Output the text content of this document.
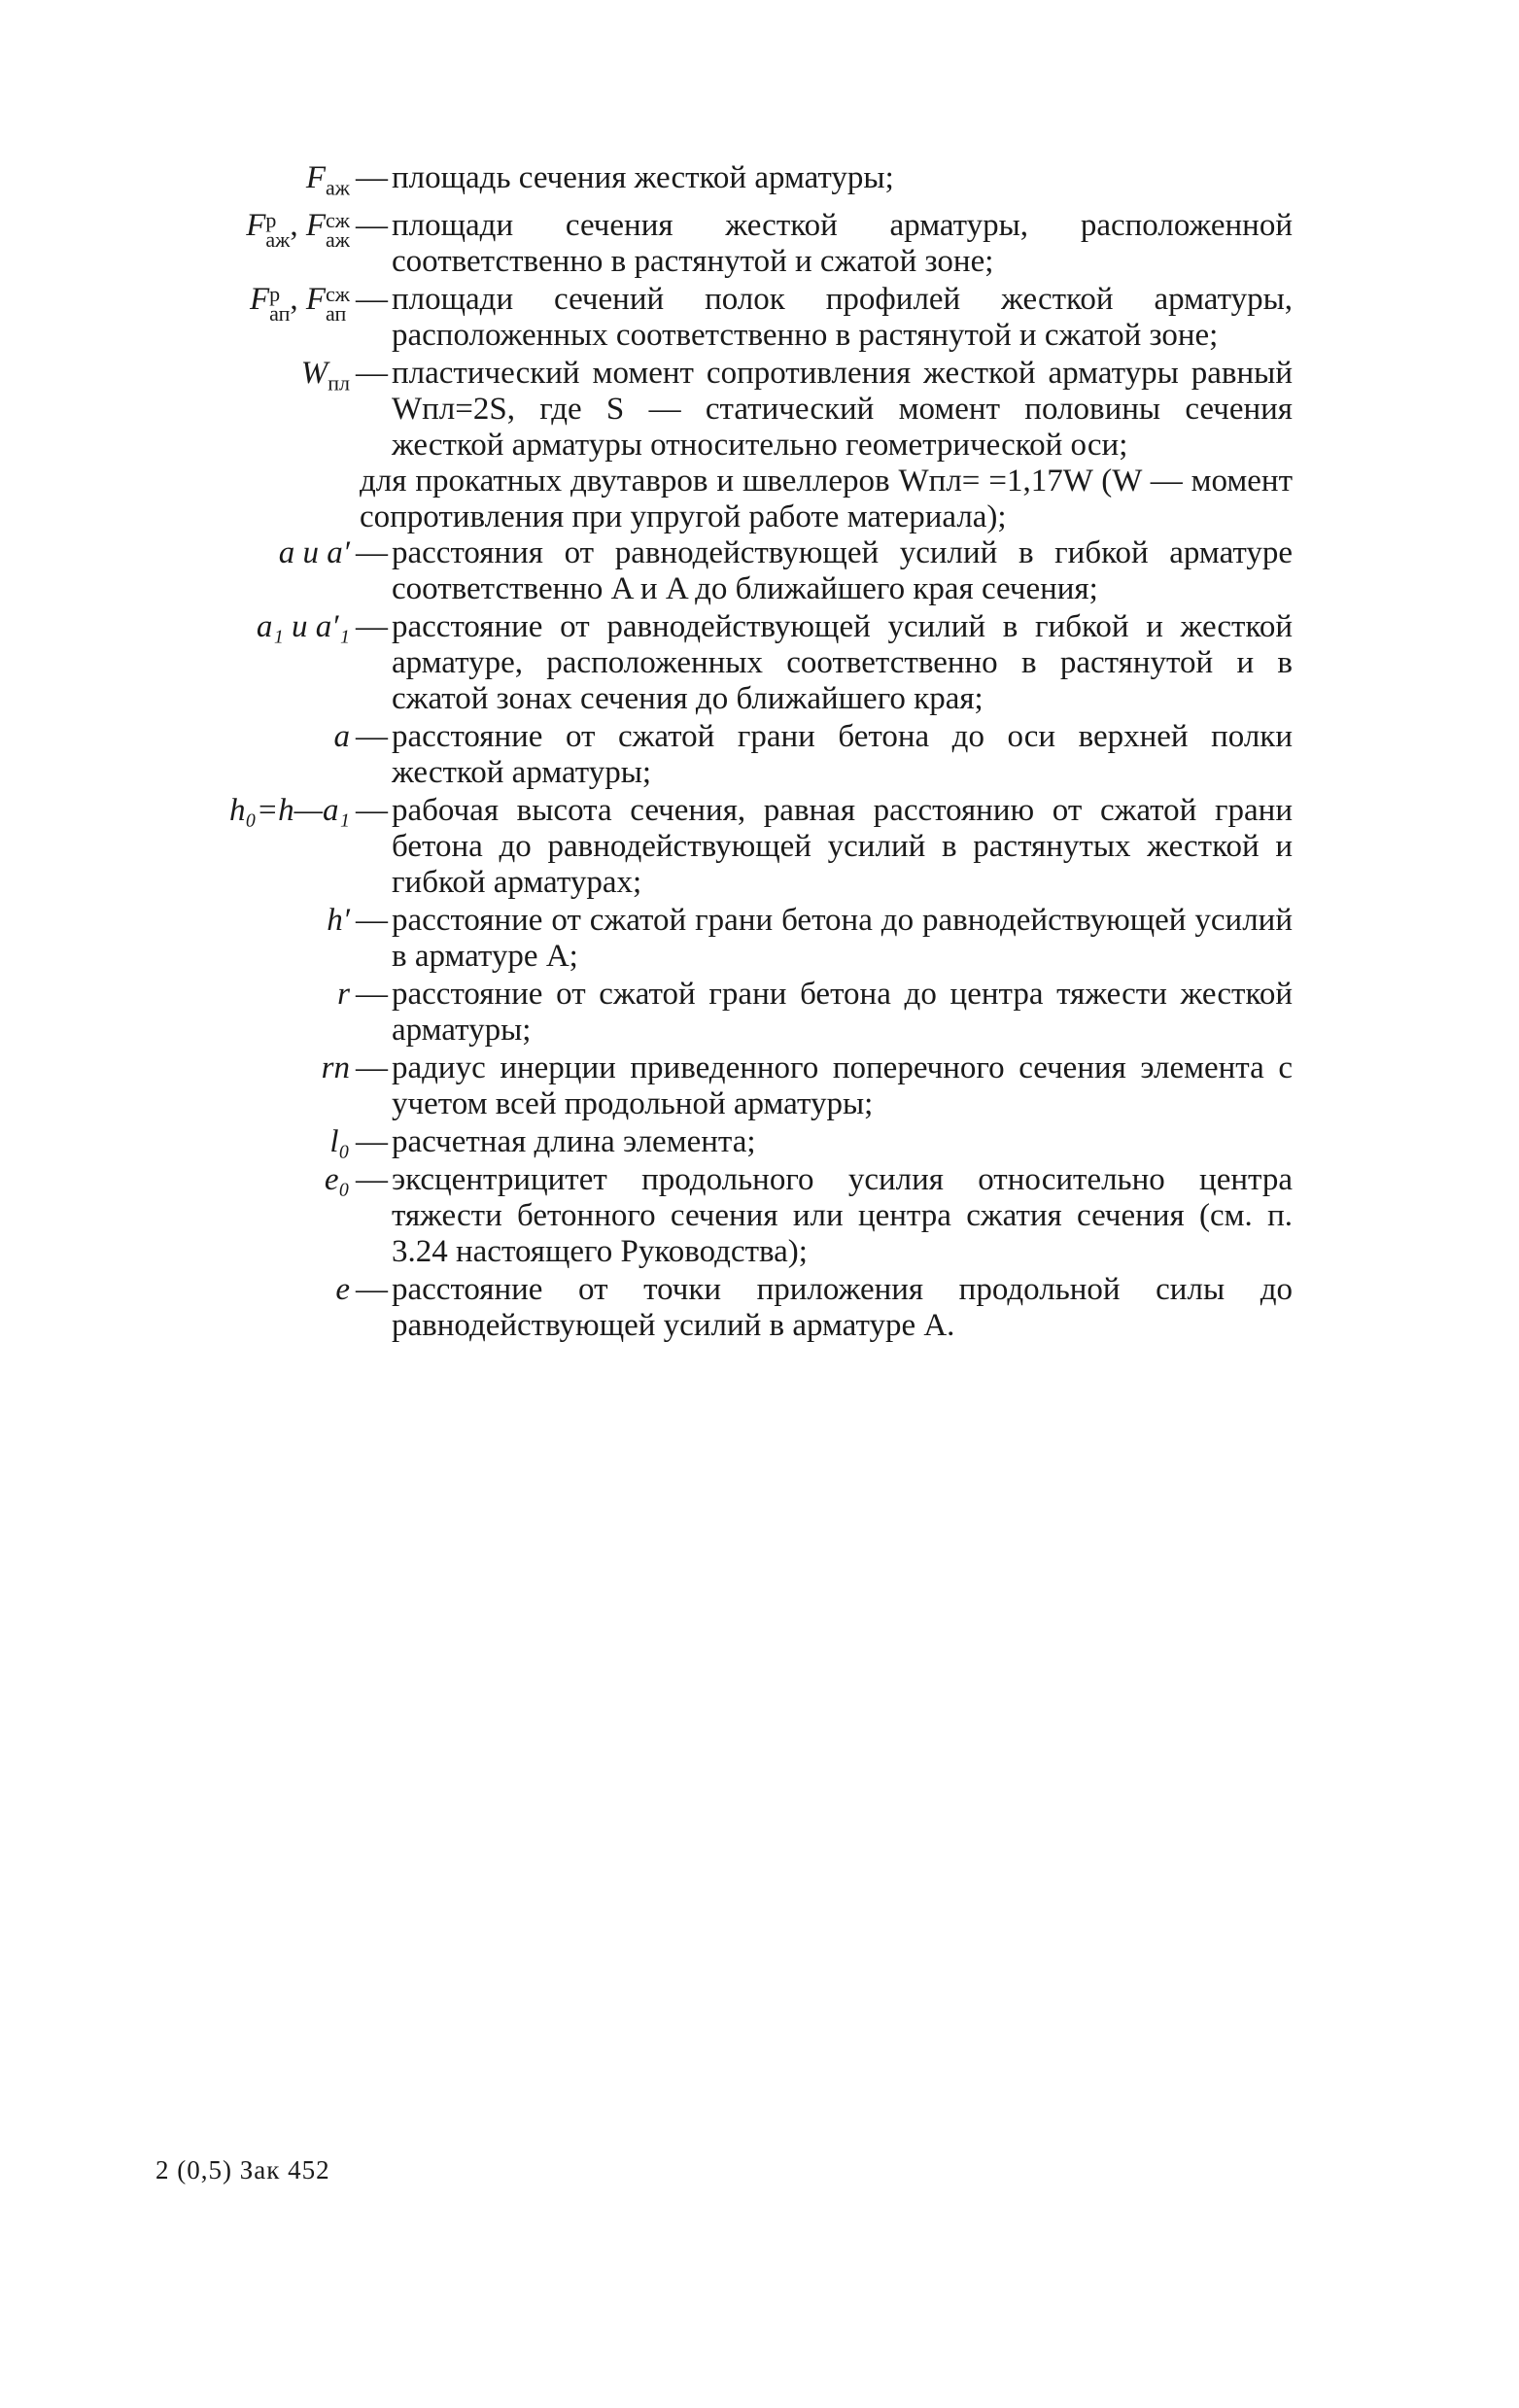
$F_{аж}$ — площадь сечения жесткой арматуры;
F р
аж , F сж
аж — площади сечения жесткой арматуры, расположенной соответственно в растянутой и сжатой зоне;
F р
ап , F сж
ап — площади сечений полок профилей жесткой арматуры, расположенных соответственно в растянутой и сжатой зоне;
$W_{пл}$ — пластический момент сопротивления жесткой арматуры равный Wпл=2S, где S — статический момент половины сечения жесткой арматуры относительно геометрической оси;
для прокатных двутавров и швеллеров Wпл= =1,17W (W — момент сопротивления при упругой работе материала);
a и a′ — расстояния от равнодействующей усилий в гибкой арматуре соответственно A и A до ближайшего края сечения;
a₁ и a′₁ — расстояние от равнодействующей усилий в гибкой и жесткой арматуре, расположенных соответственно в растянутой и в сжатой зонах сечения до ближайшего края;
a — расстояние от сжатой грани бетона до оси верхней полки жесткой арматуры;
h₀=h—a₁ — рабочая высота сечения, равная расстоянию от сжатой грани бетона до равнодействующей усилий в растянутых жесткой и гибкой арматурах;
h′ — расстояние от сжатой грани бетона до равнодействующей усилий в арматуре A;
r — расстояние от сжатой грани бетона до центра тяжести жесткой арматуры;
rп — радиус инерции приведенного поперечного сечения элемента с учетом всей продольной арматуры;
l₀ — расчетная длина элемента;
e₀ — эксцентрицитет продольного усилия относительно центра тяжести бетонного сечения или центра сжатия сечения (см. п. 3.24 настоящего Руководства);
e — расстояние от точки приложения продольной силы до равнодействующей усилий в арматуре A.
2 (0,5) Зак 452
